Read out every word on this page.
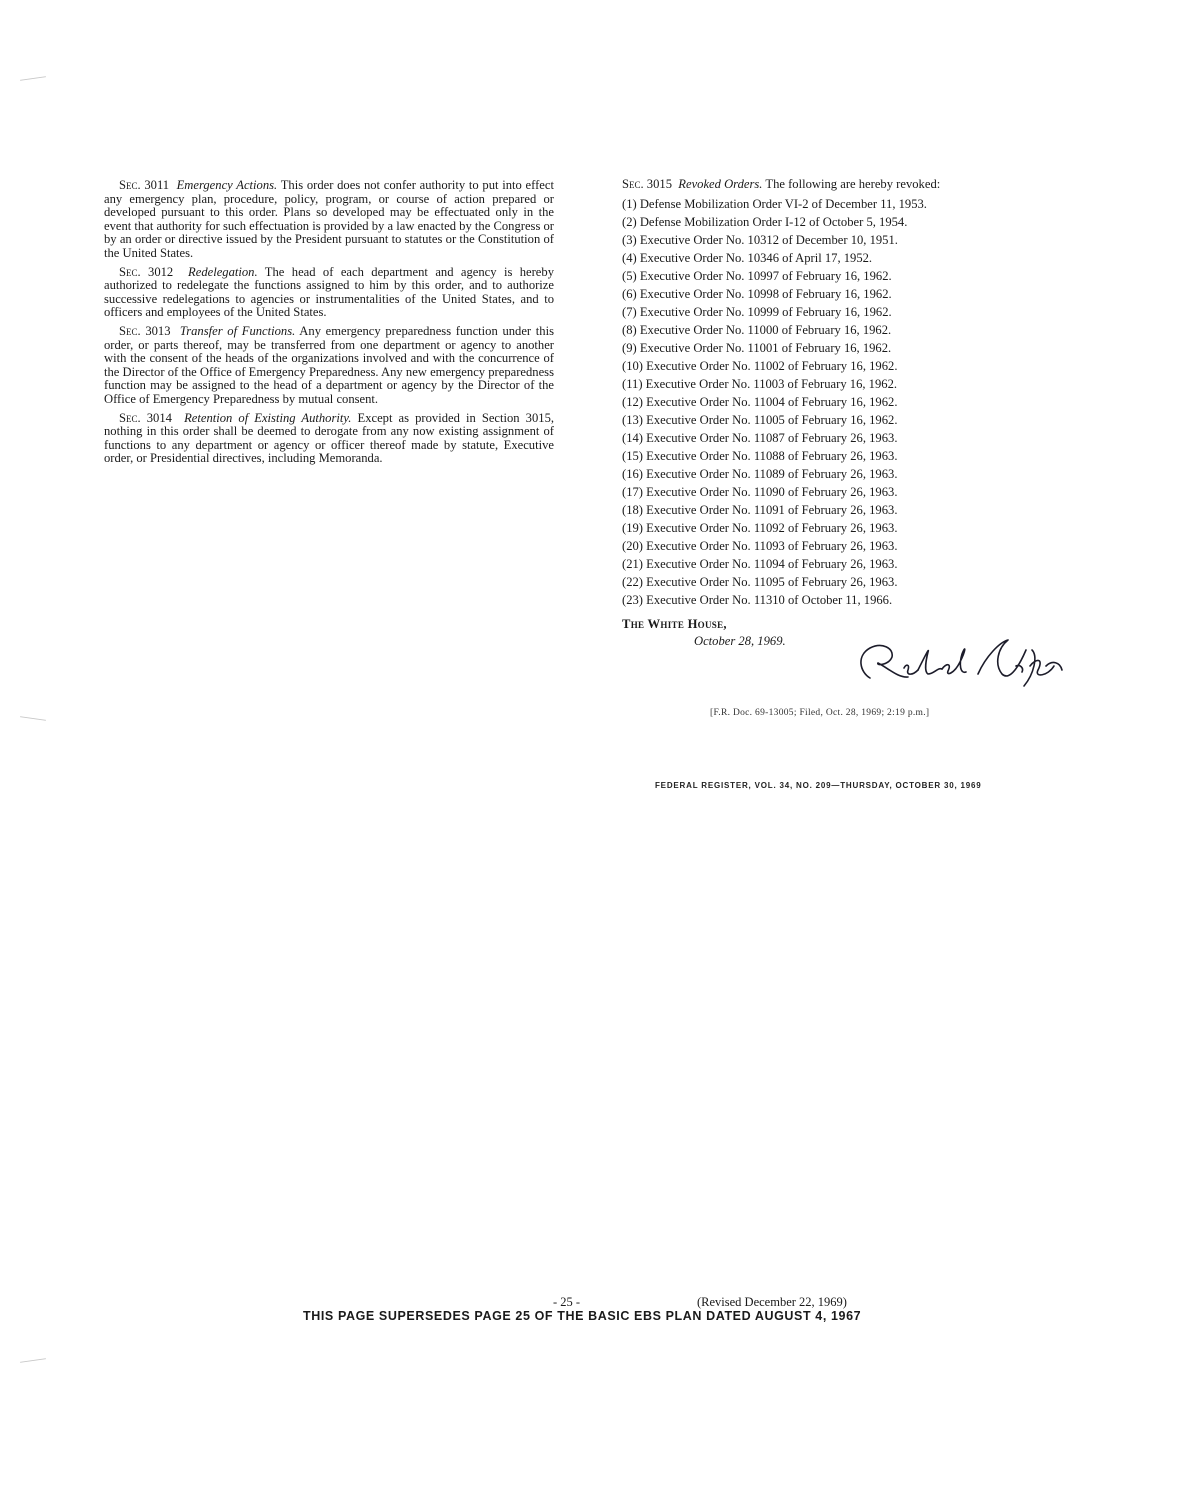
Sec. 3011 Emergency Actions. This order does not confer authority to put into effect any emergency plan, procedure, policy, program, or course of action prepared or developed pursuant to this order. Plans so developed may be effectuated only in the event that authority for such effectuation is provided by a law enacted by the Congress or by an order or directive issued by the President pursuant to statutes or the Constitution of the United States.

Sec. 3012 Redelegation. The head of each department and agency is hereby authorized to redelegate the functions assigned to him by this order, and to authorize successive redelegations to agencies or instrumentalities of the United States, and to officers and employees of the United States.

Sec. 3013 Transfer of Functions. Any emergency preparedness function under this order, or parts thereof, may be transferred from one department or agency to another with the consent of the heads of the organizations involved and with the concurrence of the Director of the Office of Emergency Preparedness. Any new emergency preparedness function may be assigned to the head of a department or agency by the Director of the Office of Emergency Preparedness by mutual consent.

Sec. 3014 Retention of Existing Authority. Except as provided in Section 3015, nothing in this order shall be deemed to derogate from any now existing assignment of functions to any department or agency or officer thereof made by statute, Executive order, or Presidential directives, including Memoranda.

Sec. 3015 Revoked Orders. The following are hereby revoked:

(1) Defense Mobilization Order VI-2 of December 11, 1953.
(2) Defense Mobilization Order I-12 of October 5, 1954.
(3) Executive Order No. 10312 of December 10, 1951.
(4) Executive Order No. 10346 of April 17, 1952.
(5) Executive Order No. 10997 of February 16, 1962.
(6) Executive Order No. 10998 of February 16, 1962.
(7) Executive Order No. 10999 of February 16, 1962.
(8) Executive Order No. 11000 of February 16, 1962.
(9) Executive Order No. 11001 of February 16, 1962.
(10) Executive Order No. 11002 of February 16, 1962.
(11) Executive Order No. 11003 of February 16, 1962.
(12) Executive Order No. 11004 of February 16, 1962.
(13) Executive Order No. 11005 of February 16, 1962.
(14) Executive Order No. 11087 of February 26, 1963.
(15) Executive Order No. 11088 of February 26, 1963.
(16) Executive Order No. 11089 of February 26, 1963.
(17) Executive Order No. 11090 of February 26, 1963.
(18) Executive Order No. 11091 of February 26, 1963.
(19) Executive Order No. 11092 of February 26, 1963.
(20) Executive Order No. 11093 of February 26, 1963.
(21) Executive Order No. 11094 of February 26, 1963.
(22) Executive Order No. 11095 of February 26, 1963.
(23) Executive Order No. 11310 of October 11, 1966.
The White House,
October 28, 1969.
[F.R. Doc. 69-13005; Filed, Oct. 28, 1969; 2:19 p.m.]
FEDERAL REGISTER, VOL. 34, NO. 209—THURSDAY, OCTOBER 30, 1969
- 25 -	(Revised December 22, 1969)
THIS PAGE SUPERSEDES PAGE 25 OF THE BASIC EBS PLAN DATED AUGUST 4, 1967
